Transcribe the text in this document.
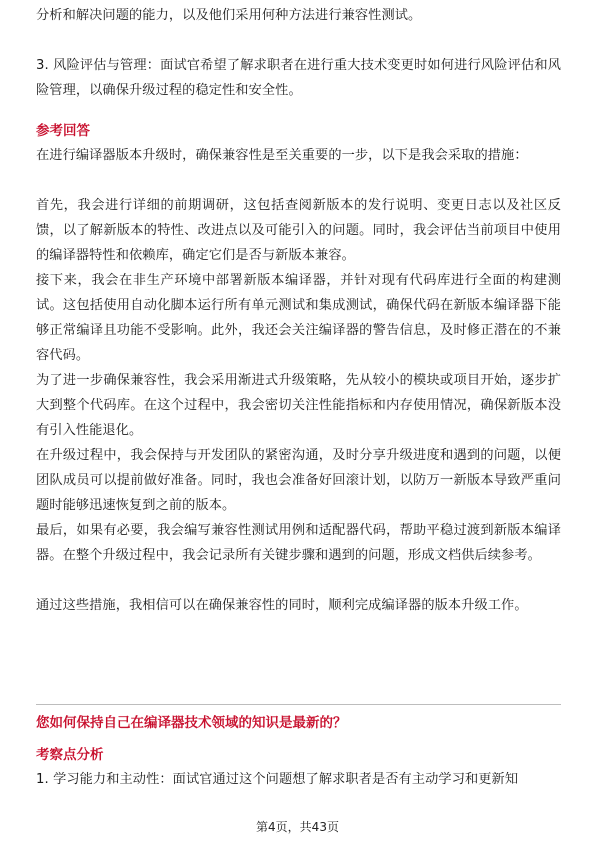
分析和解决问题的能力，以及他们采用何种方法进行兼容性测试。

3. 风险评估与管理：面试官希望了解求职者在进行重大技术变更时如何进行风险评估和风险管理，以确保升级过程的稳定性和安全性。

参考回答

在进行编译器版本升级时，确保兼容性是至关重要的一步，以下是我会采取的措施：

首先，我会进行详细的前期调研，这包括查阅新版本的发行说明、变更日志以及社区反馈，以了解新版本的特性、改进点以及可能引入的问题。同时，我会评估当前项目中使用的编译器特性和依赖库，确定它们是否与新版本兼容。

接下来，我会在非生产环境中部署新版本编译器，并针对现有代码库进行全面的构建测试。这包括使用自动化脚本运行所有单元测试和集成测试，确保代码在新版本编译器下能够正常编译且功能不受影响。此外，我还会关注编译器的警告信息，及时修正潜在的不兼容代码。

为了进一步确保兼容性，我会采用渐进式升级策略，先从较小的模块或项目开始，逐步扩大到整个代码库。在这个过程中，我会密切关注性能指标和内存使用情况，确保新版本没有引入性能退化。

在升级过程中，我会保持与开发团队的紧密沟通，及时分享升级进度和遇到的问题，以便团队成员可以提前做好准备。同时，我也会准备好回滚计划，以防万一新版本导致严重问题时能够迅速恢复到之前的版本。

最后，如果有必要，我会编写兼容性测试用例和适配器代码，帮助平稳过渡到新版本编译器。在整个升级过程中，我会记录所有关键步骤和遇到的问题，形成文档供后续参考。

通过这些措施，我相信可以在确保兼容性的同时，顺利完成编译器的版本升级工作。

您如何保持自己在编译器技术领域的知识是最新的？

考察点分析

1. 学习能力和主动性：面试官通过这个问题想了解求职者是否有主动学习和更新知

第4页，共43页
